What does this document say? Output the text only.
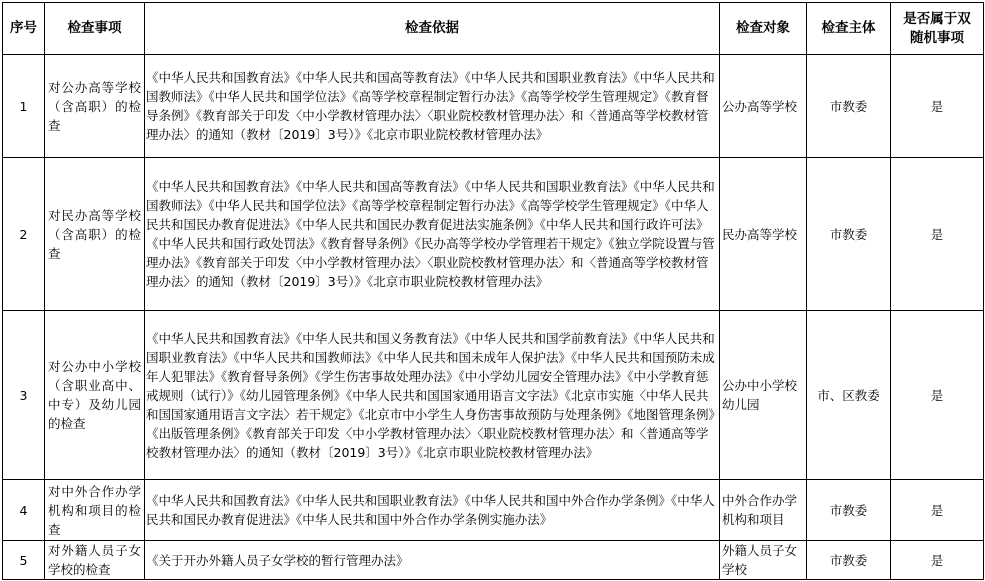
序号	检查事项	检查依据	检查对象	检查主体	是否属于双随机事项
1	对公办高等学校（含高职）的检查	《中华人民共和国教育法》《中华人民共和国高等教育法》《中华人民共和国职业教育法》《中华人民共和国教师法》《中华人民共和国学位法》《高等学校章程制定暂行办法》《高等学校学生管理规定》《教育督导条例》《教育部关于印发〈中小学教材管理办法〉〈职业院校教材管理办法〉和〈普通高等学校教材管理办法〉的通知（教材〔2019〕3号）》《北京市职业院校教材管理办法》	公办高等学校	市教委	是
2	对民办高等学校（含高职）的检查	《中华人民共和国教育法》《中华人民共和国高等教育法》《中华人民共和国职业教育法》《中华人民共和国教师法》《中华人民共和国学位法》《高等学校章程制定暂行办法》《高等学校学生管理规定》《中华人民共和国民办教育促进法》《中华人民共和国民办教育促进法实施条例》《中华人民共和国行政许可法》《中华人民共和国行政处罚法》《教育督导条例》《民办高等学校办学管理若干规定》《独立学院设置与管理办法》《教育部关于印发〈中小学教材管理办法〉〈职业院校教材管理办法〉和〈普通高等学校教材管理办法〉的通知（教材〔2019〕3号）》《北京市职业院校教材管理办法》	民办高等学校	市教委	是
3	对公办中小学校（含职业高中、中专）及幼儿园的检查	《中华人民共和国教育法》《中华人民共和国义务教育法》《中华人民共和国学前教育法》《中华人民共和国职业教育法》《中华人民共和国教师法》《中华人民共和国未成年人保护法》《中华人民共和国预防未成年人犯罪法》《教育督导条例》《学生伤害事故处理办法》《中小学幼儿园安全管理办法》《中小学教育惩戒规则（试行）》《幼儿园管理条例》《中华人民共和国国家通用语言文字法》《北京市实施〈中华人民共和国国家通用语言文字法〉若干规定》《北京市中小学生人身伤害事故预防与处理条例》《地图管理条例》《出版管理条例》《教育部关于印发〈中小学教材管理办法〉〈职业院校教材管理办法〉和〈普通高等学校教材管理办法〉的通知（教材〔2019〕3号）》《北京市职业院校教材管理办法》	公办中小学校幼儿园	市、区教委	是
4	对中外合作办学机构和项目的检查	《中华人民共和国教育法》《中华人民共和国职业教育法》《中华人民共和国中外合作办学条例》《中华人民共和国民办教育促进法》《中华人民共和国中外合作办学条例实施办法》	中外合作办学机构和项目	市教委	是
5	对外籍人员子女学校的检查	《关于开办外籍人员子女学校的暂行管理办法》	外籍人员子女学校	市教委	是
